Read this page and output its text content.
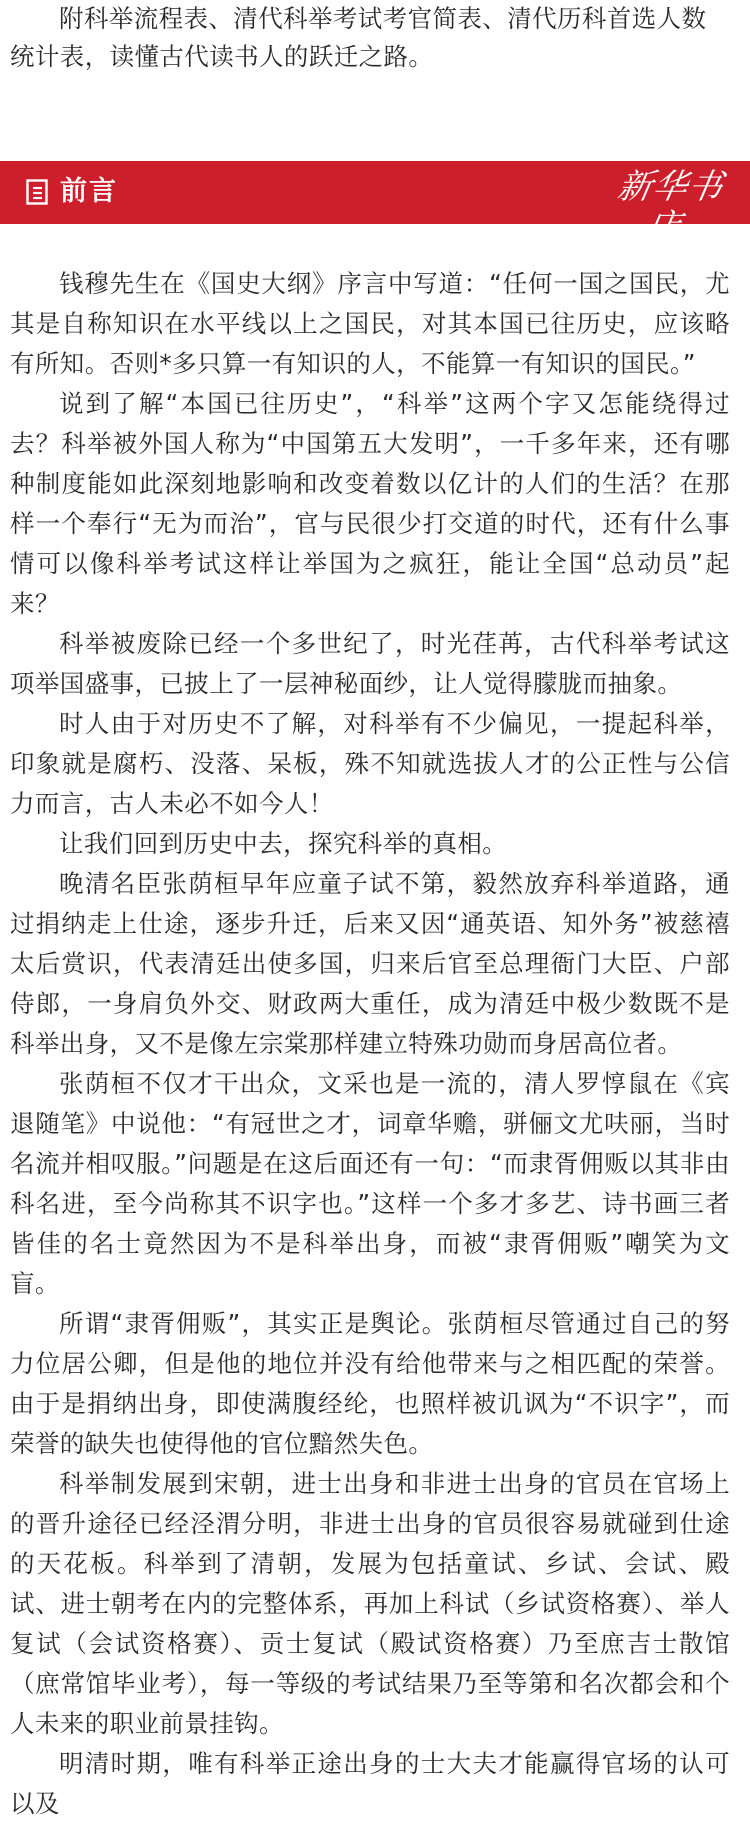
附科举流程表、清代科举考试考官简表、清代历科首选人数统计表，读懂古代读书人的跃迁之路。
前言	新华书店
XINHUA BOOKSTORE

钱穆先生在《国史大纲》序言中写道：“任何一国之国民，尤其是自称知识在水平线以上之国民，对其本国已往历史，应该略有所知。否则*多只算一有知识的人，不能算一有知识的国民。”

说到了解“本国已往历史”，“科举”这两个字又怎能绕得过去？科举被外国人称为“中国第五大发明”，一千多年来，还有哪种制度能如此深刻地影响和改变着数以亿计的人们的生活？在那样一个奉行“无为而治”，官与民很少打交道的时代，还有什么事情可以像科举考试这样让举国为之疯狂，能让全国“总动员”起来？

科举被废除已经一个多世纪了，时光荏苒，古代科举考试这项举国盛事，已披上了一层神秘面纱，让人觉得朦胧而抽象。

时人由于对历史不了解，对科举有不少偏见，一提起科举，印象就是腐朽、没落、呆板，殊不知就选拔人才的公正性与公信力而言，古人未必不如今人！

让我们回到历史中去，探究科举的真相。

晚清名臣张荫桓早年应童子试不第，毅然放弃科举道路，通过捐纳走上仕途，逐步升迁，后来又因“通英语、知外务”被慈禧太后赏识，代表清廷出使多国，归来后官至总理衙门大臣、户部侍郎，一身肩负外交、财政两大重任，成为清廷中极少数既不是科举出身，又不是像左宗棠那样建立特殊功勋而身居高位者。

张荫桓不仅才干出众，文采也是一流的，清人罗惇鼠在《宾退随笔》中说他：“有冠世之才，词章华赡，骈俪文尤呋丽，当时名流并相叹服。”问题是在这后面还有一句：“而隶胥佣贩以其非由科名进，至今尚称其不识字也。”这样一个多才多艺、诗书画三者皆佳的名士竟然因为不是科举出身，而被“隶胥佣贩”嘲笑为文盲。

所谓“隶胥佣贩”，其实正是舆论。张荫桓尽管通过自己的努力位居公卿，但是他的地位并没有给他带来与之相匹配的荣誉。由于是捐纳出身，即使满腹经纶，也照样被讥讽为“不识字”，而荣誉的缺失也使得他的官位黯然失色。

科举制发展到宋朝，进士出身和非进士出身的官员在官场上的晋升途径已经泾渭分明，非进士出身的官员很容易就碰到仕途的天花板。科举到了清朝，发展为包括童试、乡试、会试、殿试、进士朝考在内的完整体系，再加上科试（乡试资格赛）、举人复试（会试资格赛）、贡士复试（殿试资格赛）乃至庶吉士散馆（庶常馆毕业考），每一等级的考试结果乃至等第和名次都会和个人未来的职业前景挂钩。

明清时期，唯有科举正途出身的士大夫才能赢得官场的认可以及
